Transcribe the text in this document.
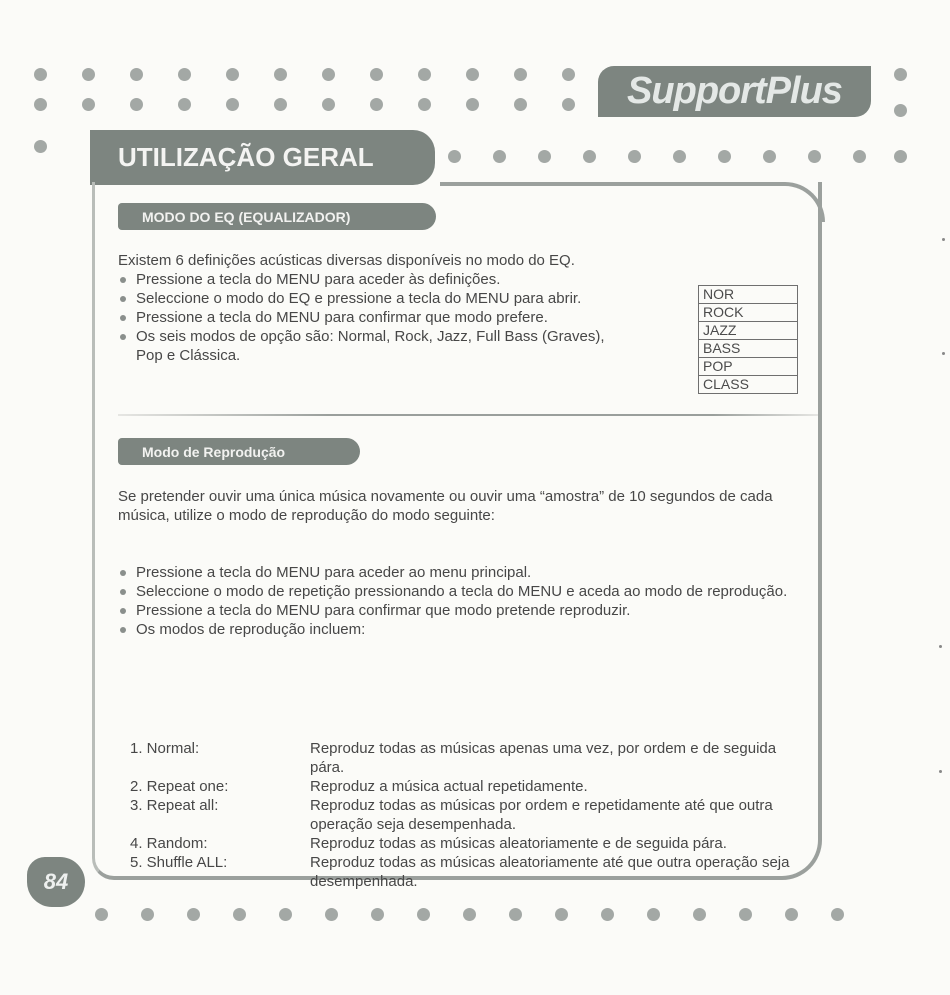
SupportPlus
UTILIZAÇÃO GERAL
MODO DO EQ (EQUALIZADOR)
Existem 6 definições acústicas diversas disponíveis no modo do EQ.
Pressione a tecla do MENU para aceder às definições.
Seleccione o modo do EQ e pressione a tecla do MENU para abrir.
Pressione a tecla do MENU para confirmar que modo prefere.
Os seis modos de opção são: Normal, Rock, Jazz, Full Bass (Graves), Pop e Clássica.
NOR
ROCK
JAZZ
BASS
POP
CLASS
Modo de Reprodução
Se pretender ouvir uma única música novamente ou ouvir uma “amostra” de 10 segundos de cada música, utilize o modo de reprodução do modo seguinte:
Pressione a tecla do MENU para aceder ao menu principal.
Seleccione o modo de repetição pressionando a tecla do MENU e aceda ao modo de reprodução.
Pressione a tecla do MENU para confirmar que modo pretende reproduzir.
Os modos de reprodução incluem:
1. Normal:	Reproduz todas as músicas apenas uma vez, por ordem e de seguida pára.
2. Repeat one:	Reproduz a música actual repetidamente.
3. Repeat all:	Reproduz todas as músicas por ordem e repetidamente até que outra operação seja desempenhada.
4. Random:	Reproduz todas as músicas aleatoriamente e de seguida pára.
5. Shuffle ALL:	Reproduz todas as músicas aleatoriamente até que outra operação seja desempenhada.
84
